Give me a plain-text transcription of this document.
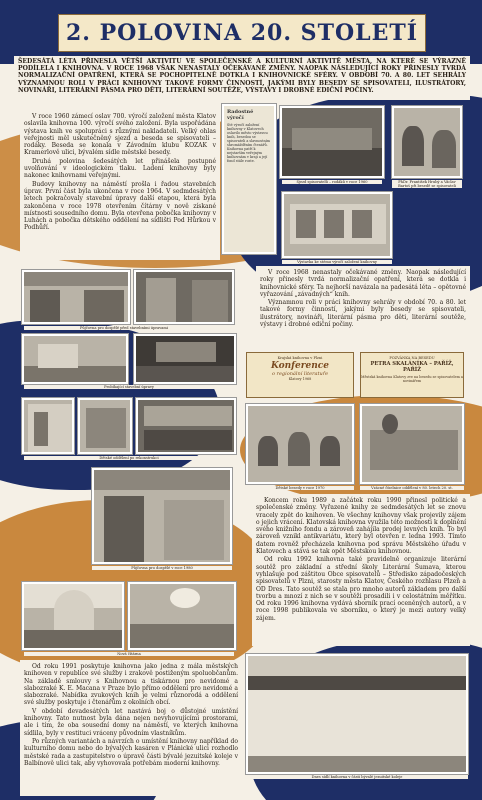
2. POLOVINA 20. STOLETÍ
ŠEDESÁTÁ LÉTA PŘINESLA VĚTŠÍ AKTIVITU VE SPOLEČENSKÉ A KULTURNÍ AKTIVITĚ MĚSTA, NA KTERÉ SE VÝRAZNĚ PODÍLELA I KNIHOVNA. V ROCE 1968 VŠAK NENASTALY OČEKÁVANÉ ZMĚNY. NAOPAK NÁSLEDUJÍCÍ ROKY PŘINESLY TVRDÁ NORMALIZAČNÍ OPATŘENÍ, KTERÁ SE POCHOPITELNĚ DOTKLA I KNIHOVNICKÉ SFÉRY. V OBDOBÍ 70. A 80. LET SEHRÁLY VÝZNAMNOU ROLI V PRÁCI KNIHOVNY TAKOVÉ FORMY ČINNOSTÍ, JAKÝMI BYLY BESEDY SE SPISOVATELI, ILUSTRÁTORY, NOVINÁŘI, LITERÁRNÍ PÁSMA PRO DĚTI, LITERÁRNÍ SOUTĚŽE, VÝSTAVY I DROBNÉ EDIČNÍ POČINY.

V roce 1960 zámecí oslav 700. výročí založení města Klatov oslavila knihovna 100. výročí svého založení. Byla uspořádána výstava knih ve spolupráci s různými nakladateli. Velký ohlas veřejnosti měl uskutečněný sjezd a beseda se spisovateli – rodáky. Beseda se konala v Závodním klubu KOZAK v Kramerlově ulici, bývalém sídle městské besedy.

Druhá polovina šedesátých let přinášela postupné uvolňování v ideologickém tlaku. Ladení knihovny byly nakonec knihovnami veřejnými.

Budovy knihovny na náměstí prošla i řadou stavebních úprav. První část byla ukončena v roce 1964. V sedmdesátých letech pokračovaly stavební úpravy další etapou, která byla zakončena v roce 1978 otevřením čítárny v nově získané místnosti sousedního domu. Byla otevřena pobočka knihovny v Luhách a pobočka dětského oddělení na sídlišti Pod Hůrkou v Podhůří.

Radostné výročí
Sté výročí založení knihovny v Klatovech oslavilo město výstavou knih, besedou se spisovateli a slavnostním shromážděním čtenářů. Knihovna patří k nejstarším veřejným knihovnám v kraji a její fond stále roste.
Sjezd spisovatelů – rodáků v roce 1960	PhDr. František Hrubý a Václav Bartoš při besedě se spisovateli
Výstavka ke stému výročí založení knihovny
Půjčovna pro dospělé před stavebními úpravami

V roce 1968 nenastaly očekávané změny. Naopak následující roky přinesly tvrdá normalizační opatření, která se dotkla i knihovnické sféry. Ta nejhorší navázala na padesátá léta – opětovné vyřazování „závadných“ knih.

Významnou roli v práci knihovny sehrály v období 70. a 80. let takové formy činností, jakými byly besedy se spisovateli, ilustrátory, novináři, literární pásma pro děti, literární soutěže, výstavy i drobné ediční počiny.

Probíhající stavební úpravy
Krajská knihovna v Plzni
Konference
o regionální literatuře
Klatovy 1968
POZVÁNKA NA BESEDU
PETRA SKALÁNÍKA – PAŘÍŽ, PAŘÍŽ
Městská knihovna Klatovy zve na besedu se spisovatelem a novinářem
Dětské oddělení po rekonstrukci
Dětské besedy v roce 1970	Vzácné číselnice oddělení v 80. letech 20. st.
Půjčovna pro dospělé v roce 1980

Koncem roku 1989 a začátek roku 1990 přinesl politické a společenské změny. Vyřazené knihy ze sedmdesátých let se znovu vracely zpět do knihoven. Ve všechny knihovny však projevily zájem o jejich vrácení. Klatovská knihovna využila této možnosti k doplnění svého knižního fondu a zároveň zahájila prodej levných knih. To byl zároveň vznikl antikvariátu, který byl otevřen r. ledna 1993. Tímto datem rovněž přecházela knihovna pod správu Městského úřadu v Klatovech a stává se tak opět Městskou knihovnou.

Od roku 1992 knihovna také pravidelně organizuje literární soutěž pro základní a střední školy Literární Šumava, kterou vyhlašuje pod záštitou Obce spisovatelů – Středisko západočeských spisovatelů v Plzni, starosty města Klatov, Českého rozhlasu Plzeň a OD Dres. Tato soutěž se stala pro mnoho autorů základem pro další tvorbu a mnozí z nich se v soutěži prosadili i v celostátním měřítku. Od roku 1996 knihovna vydává sborník prací oceněných autorů, a v roce 1998 publikovala ve sborníku, o který je mezi autory velký zájem.

Nová čítárna

Od roku 1991 poskytuje knihovna jako jedna z mála městských knihoven v republice své služby i zrakově postiženým spoluobčanům. Na základě smlouvy s Knihovnou a tiskárnou pro nevidomé a slabozraké K. E. Macana v Praze bylo přímo oddělení pro nevidomé a slabozraké. Nabídka zvukových knih je velmi různorodá a oddělení své služby poskytuje i čtenářům z okolních obcí.

V období devadesátých let nastává boj o důstojné umístění knihovny. Tato nutnost byla dána nejen nevyhovujícími prostorami, ale i tím, že oba sousední domy na náměstí, ve kterých knihovna sídlila, byly v restituci vráceny původním vlastníkům.

Po různých variantách a návrzích o umístění knihovny například do kulturního domu nebo do bývalých kasáren v Plánické ulici rozhodlo městské rada a zastupitelstvo o úpravě části bývalé jezuitské koleje v Balbínově ulici tak, aby vyhovovala potřebám moderní knihovny.

Dnes sídlí knihovna v části bývalé jezuitské koleje
